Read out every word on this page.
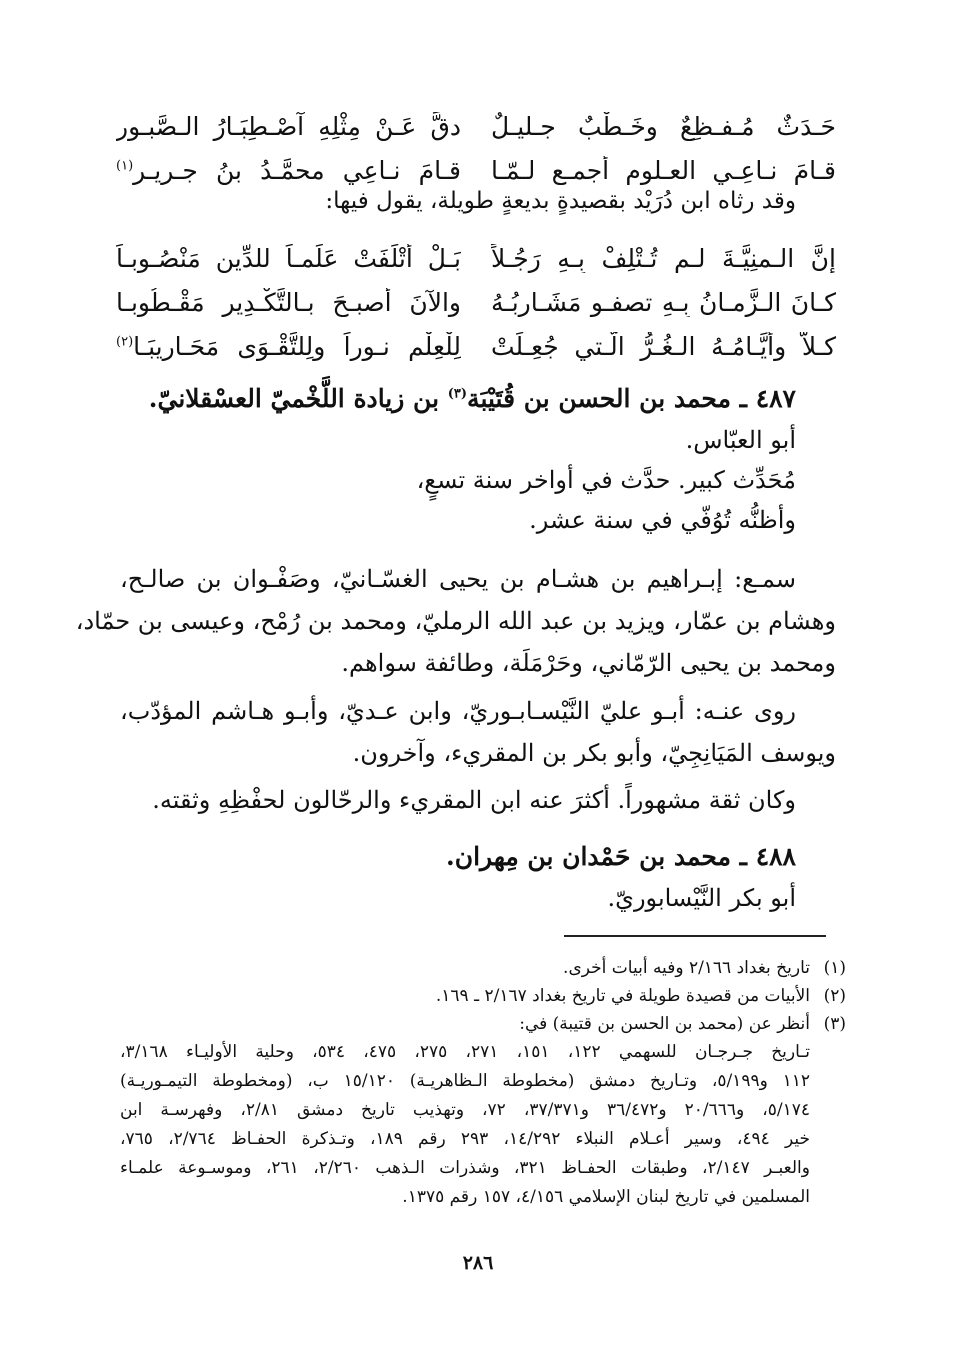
حَـدَثٌ مُـفـظِعٌ وخَـطْبٌ جـليـلٌ
دقَّ عَـنْ مِثْلِهِ آصْـطِبَـارُ الـصَّبـورِ
قـامَ نـاعِـي العـلوم أجمـع لـمّـا
قـامَ نـاعِي محمَّـدُ بنُ جـريـرِ$^{(١)}$
وقد رثاه ابن دُرَيْد بقصيدةٍ بديعةٍ طويلة، يقول فيها:
إنَّ الـمنِيَّـةَ لـم تُـتْلِفْ بِـهِ رَجُـلاً
بَـلْ أَتْلَفَتْ عَلَمـاً للدِّينِ مَنْصُـوبـاً
كـانَ الـزَّمـانُ بِـهِ تصفـو مَشَـارِبُـهُ
والآنَ أصبـحَ بـالتَّكْـدِيرِ مَقْـطُوبـا
كـلاَّ وأَيَّـامُـهُ الـغُـرُّ الّـتي جُعِـلَتْ
لِلْعِلْمِ نـوراً ولِلتَّقْـوَى مَحَـارِيبَـا$^{(٢)}$
٤٨٧ ـ محمد بن الحسن بن قُتَيْبَة$^{(٣)}$ بن زيادة اللَّخْميّ العسْقلانيّ.
أبو العبّاس.
مُحَدِّث كبير. حدَّث في أواخر سنة تسعٍ،
وأظنُّه تُوُفّي في سنة عشر.
سمـع: إبـراهيم بن هشـام بن يحيى الغسّـانيّ، وصَفْـوان بن صالـح،
وهشام بن عمّار، ويزيد بن عبد الله الرمليّ، ومحمد بن رُمْح، وعيسى بن حمّاد،
ومحمد بن يحيى الرّمّاني، وحَرْمَلَة، وطائفة سواهم.
روى عنـه: أبـو عليّ النَّيْسـابـوريّ، وابن عـديّ، وأبـو هـاشم المؤدّب،
ويوسف المَيَانِجِيّ، وأبو بكر بن المقريء، وآخرون.
وكان ثقة مشهوراً. أكثرَ عنه ابن المقريء والرحّالون لحفْظِهِ وثقته.
٤٨٨ ـ محمد بن حَمْدان بن مِهران.
أبو بكر النَّيْسابوريّ.
(١)
تاريخ بغداد ٢/١٦٦ وفيه أبيات أخرى.
(٢)
الأبيات من قصيدة طويلة في تاريخ بغداد ٢/١٦٧ ـ ١٦٩.
(٣)
أنظر عن (محمد بن الحسن بن قتيبة) في:
تـاريخ جـرجـان للسهمي ١٢٢، ١٥١، ٢٧١، ٢٧٥، ٤٧٥، ٥٣٤، وحلية الأوليـاء ٣/١٦٨،
١١٢ و٥/١٩٩، وتـاريخ دمشق (مخطوطة الـظاهريـة) ١٥/١٢٠ ب، (ومخطوطة التيمـوريـة)
٥/١٧٤، و٢٠/٦٦٦ و٣٦/٤٧٢ و٣٧/٣٧١، ٧٢، وتهذيب تاريخ دمشق ٢/٨١، وفهرسـة ابن
خير ٤٩٤، وسير أعـلام النبلاء ١٤/٢٩٢، ٢٩٣ رقم ١٨٩، وتـذكرة الحفـاظ ٢/٧٦٤، ٧٦٥،
والعبـر ٢/١٤٧، وطبقات الحفـاظ ٣٢١، وشذرات الـذهب ٢/٢٦٠، ٢٦١، وموسـوعة علمـاء
المسلمين في تاريخ لبنان الإسلامي ٤/١٥٦، ١٥٧ رقم ١٣٧٥.
٢٨٦
